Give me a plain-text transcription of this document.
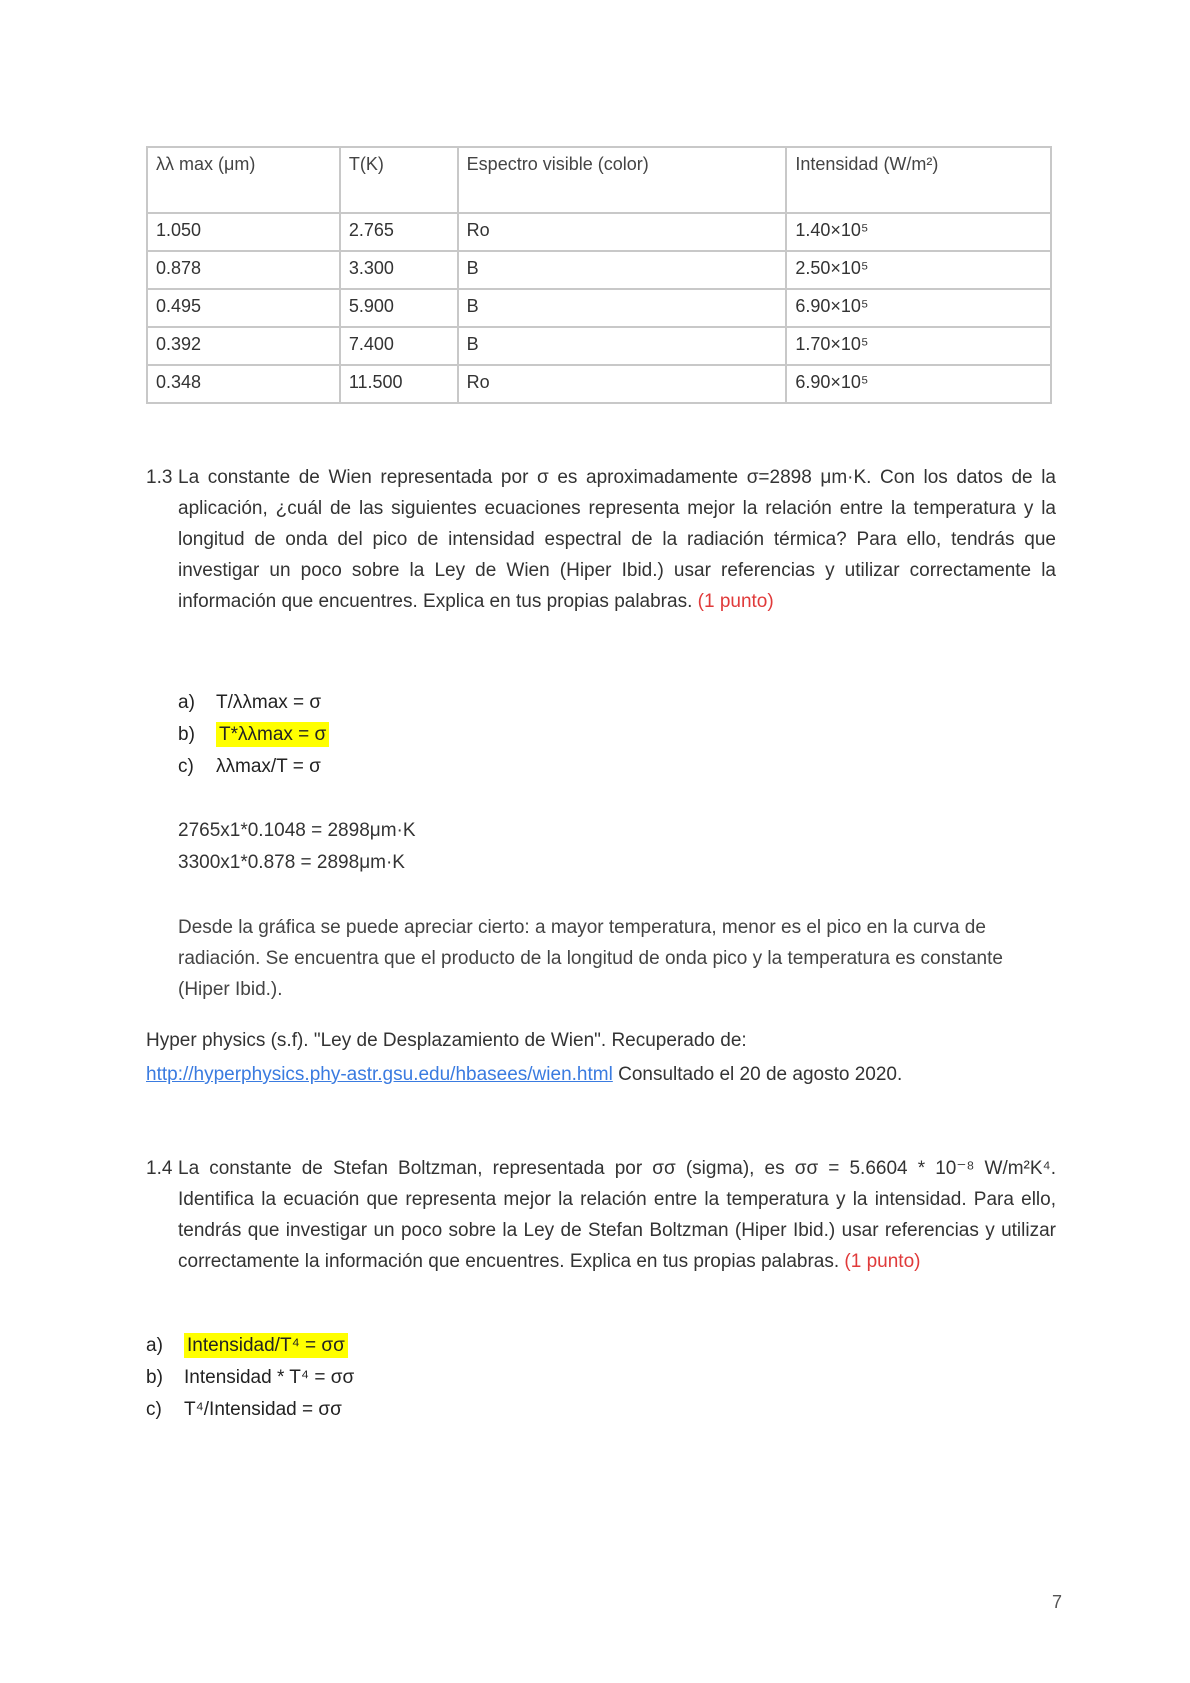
λλ max (μm)	T(K)	Espectro visible (color)	Intensidad (W/m²)
1.050	2.765	Ro	1.40×10⁵
0.878	3.300	B	2.50×10⁵
0.495	5.900	B	6.90×10⁵
0.392	7.400	B	1.70×10⁵
0.348	11.500	Ro	6.90×10⁵
1.3 La constante de Wien representada por σ es aproximadamente σ=2898 μm·K. Con los datos de la aplicación, ¿cuál de las siguientes ecuaciones representa mejor la relación entre la temperatura y la longitud de onda del pico de intensidad espectral de la radiación térmica? Para ello, tendrás que investigar un poco sobre la Ley de Wien (Hiper Ibid.) usar referencias y utilizar correctamente la información que encuentres. Explica en tus propias palabras. (1 punto)
a) T/λλmax = σ
b) T*λλmax = σ
c) λλmax/T = σ
2765x1*0.1048 = 2898μm·K
3300x1*0.878 = 2898μm·K
Desde la gráfica se puede apreciar cierto: a mayor temperatura, menor es el pico en la curva de radiación. Se encuentra que el producto de la longitud de onda pico y la temperatura es constante (Hiper Ibid.).
Hyper physics (s.f). "Ley de Desplazamiento de Wien". Recuperado de:
http://hyperphysics.phy-astr.gsu.edu/hbasees/wien.html Consultado el 20 de agosto 2020.
1.4 La constante de Stefan Boltzman, representada por σσ (sigma), es σσ = 5.6604 * 10⁻⁸ W/m²K⁴. Identifica la ecuación que representa mejor la relación entre la temperatura y la intensidad. Para ello, tendrás que investigar un poco sobre la Ley de Stefan Boltzman (Hiper Ibid.) usar referencias y utilizar correctamente la información que encuentres. Explica en tus propias palabras. (1 punto)
a) Intensidad/T⁴ = σσ
b) Intensidad * T⁴ = σσ
c) T⁴/Intensidad = σσ
7
